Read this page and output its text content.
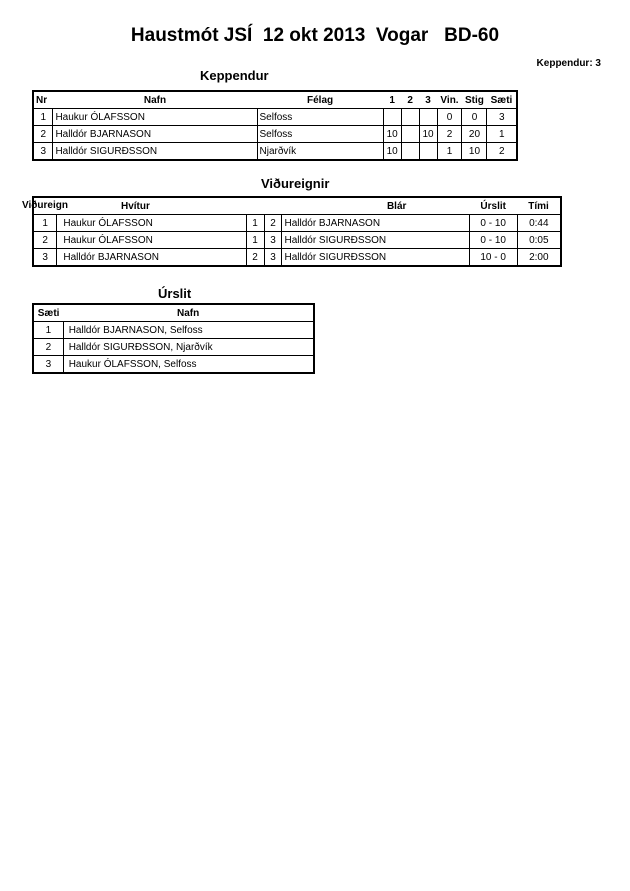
Haustmót JSÍ  12 okt 2013  Vogar   BD-60
Keppendur: 3
Keppendur
Nr	Nafn	Félag	1	2	3	Vin.	Stig	Sæti
1	Haukur ÓLAFSSON	Selfoss				0	0	3
2	Halldór BJARNASON	Selfoss	10		10	2	20	1
3	Halldór SIGURÐSSON	Njarðvík	10			1	10	2
Viðureignir
Viðureign Hvítur		Blár			Úrslit	Tími
1	Haukur ÓLAFSSON	1	2	Halldór BJARNASON	0 - 10	0:44
2	Haukur ÓLAFSSON	1	3	Halldór SIGURÐSSON	0 - 10	0:05
3	Halldór BJARNASON	2	3	Halldór SIGURÐSSON	10 - 0	2:00
Úrslit
Sæti	Nafn
1	Halldór BJARNASON, Selfoss
2	Halldór SIGURÐSSON, Njarðvík
3	Haukur ÓLAFSSON, Selfoss
